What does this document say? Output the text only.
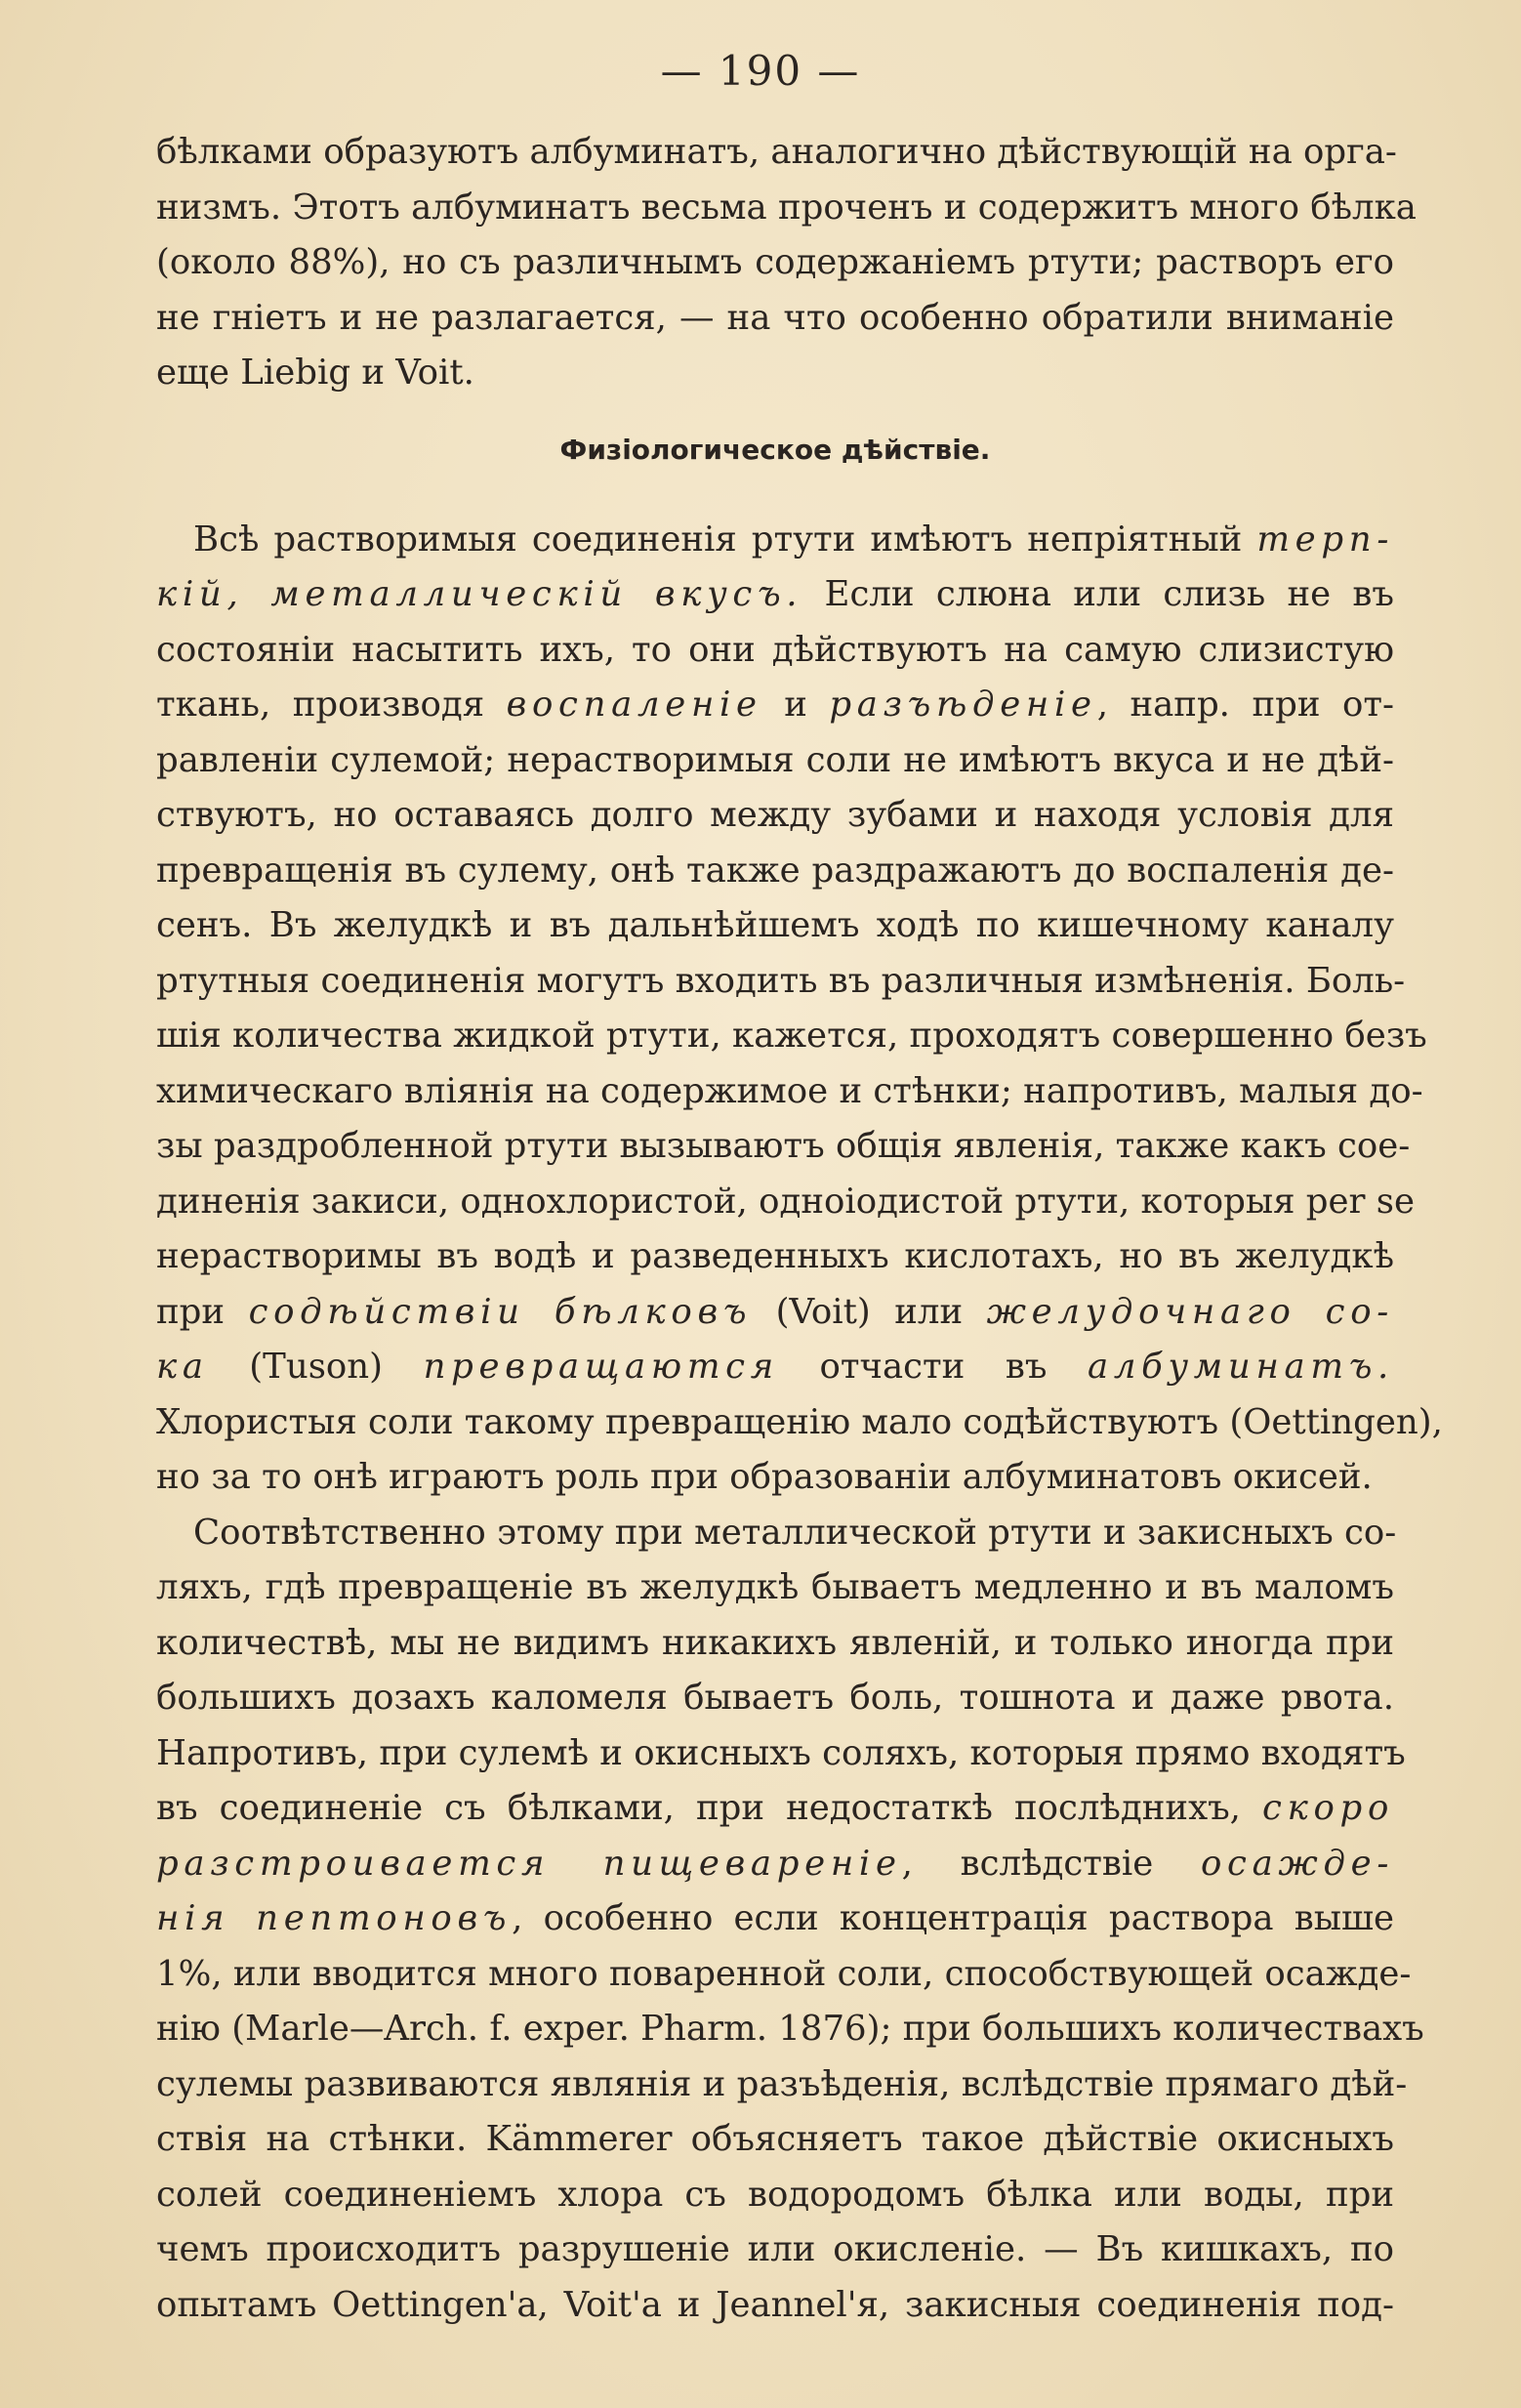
— 190 —
бѣлками образуютъ албуминатъ, аналогично дѣйствующiй на орга-
низмъ. Этотъ албуминатъ весьма проченъ и содержитъ много бѣлка
(около 88%), но съ различнымъ содержанiемъ ртути; растворъ его
не гнiетъ и не разлагается, — на что особенно обратили вниманiе
еще Liebig и Voit.
Физiологическое дѣйствiе.
Всѣ растворимыя соединенiя ртути имѣютъ непрiятный терп-
кiй, металлическiй вкусъ. Если слюна или слизь не въ
состоянiи насытить ихъ, то они дѣйствуютъ на самую слизистую
ткань, производя воспаленiе и разъѣденiе, напр. при от-
равленiи сулемой; нерастворимыя соли не имѣютъ вкуса и не дѣй-
ствуютъ, но оставаясь долго между зубами и находя условiя для
превращенiя въ сулему, онѣ также раздражаютъ до воспаленiя де-
сенъ. Въ желудкѣ и въ дальнѣйшемъ ходѣ по кишечному каналу
ртутныя соединенiя могутъ входить въ различныя измѣненiя. Боль-
шiя количества жидкой ртути, кажется, проходятъ совершенно безъ
химическаго влiянiя на содержимое и стѣнки; напротивъ, малыя до-
зы раздробленной ртути вызываютъ общiя явленiя, также какъ сое-
диненiя закиси, однохлористой, одноiодистой ртути, которыя per se
нерастворимы въ водѣ и разведенныхъ кислотахъ, но въ желудкѣ
при содѣйствiи бѣлковъ (Voit) или желудочнаго со-
ка (Tuson) превращаются отчасти въ албуминатъ.
Хлористыя соли такому превращенiю мало содѣйствуютъ (Oettingen),
но за то онѣ играютъ роль при образованiи албуминатовъ окисей.
Соотвѣтственно этому при металлической ртути и закисныхъ со-
ляхъ, гдѣ превращенiе въ желудкѣ бываетъ медленно и въ маломъ
количествѣ, мы не видимъ никакихъ явленiй, и только иногда при
большихъ дозахъ каломеля бываетъ боль, тошнота и даже рвота.
Напротивъ, при сулемѣ и окисныхъ соляхъ, которыя прямо входятъ
въ соединенiе съ бѣлками, при недостаткѣ послѣднихъ, скоро
разстроивается пищеваренiе, вслѣдствiе осажде-
нiя пептоновъ, особенно если концентрацiя раствора выше
1%, или вводится много поваренной соли, способствующей осажде-
нiю (Marle—Arch. f. exper. Pharm. 1876); при большихъ количествахъ
сулемы развиваются являнiя и разъѣденiя, вслѣдствiе прямаго дѣй-
ствiя на стѣнки. Kämmerer объясняетъ такое дѣйствiе окисныхъ
солей соединенiемъ хлора съ водородомъ бѣлка или воды, при
чемъ происходитъ разрушенiе или окисленiе. — Въ кишкахъ, по
опытамъ Oettingen'а, Voit'а и Jeannel'я, закисныя соединенiя под-
